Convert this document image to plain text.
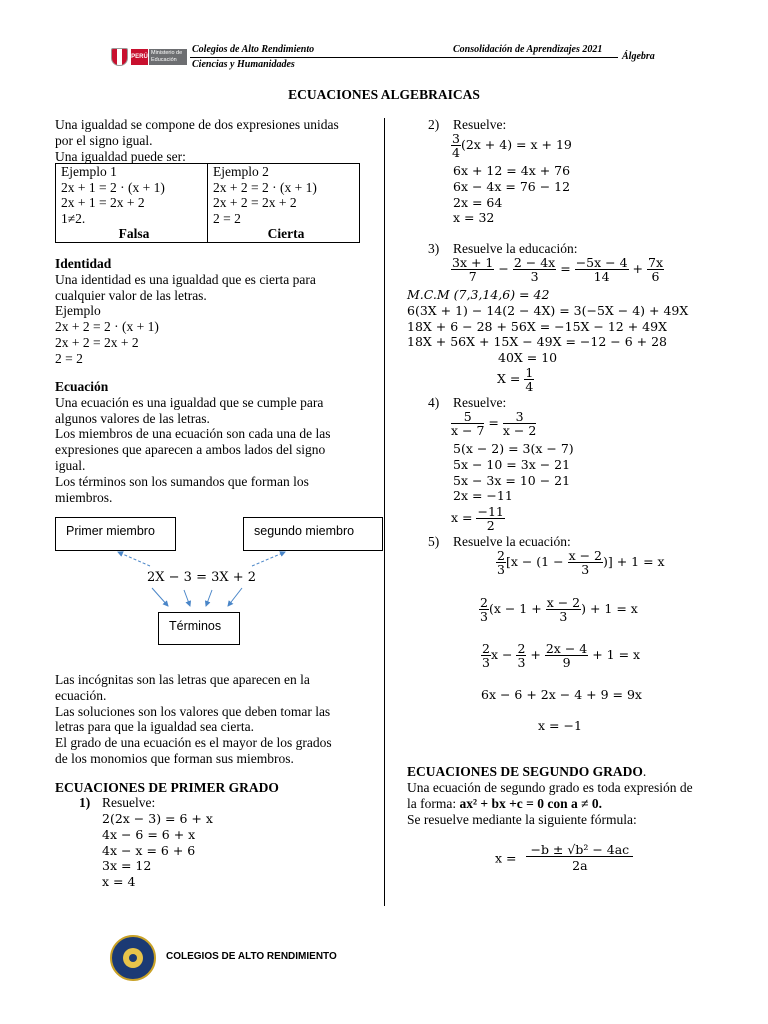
PERÚ
Ministerio de Educación
Colegios de Alto Rendimiento
Ciencias y Humanidades
Consolidación de Aprendizajes 2021
Álgebra
ECUACIONES ALGEBRAICAS
Una igualdad se compone de dos expresiones unidas
por el signo igual.
Una igualdad puede ser:
Ejemplo 1
2x + 1 = 2 · (x + 1)
2x + 1 = 2x + 2
1≠2.
Falsa

Ejemplo 2
2x + 2 = 2 · (x + 1)
2x + 2 = 2x + 2
2 = 2
Cierta
Identidad
Una identidad es una igualdad que es cierta para
cualquier valor de las letras.
Ejemplo
2x + 2 = 2 · (x + 1)
2x + 2 = 2x + 2
2 = 2
Ecuación
Una ecuación es una igualdad que se cumple para
algunos valores de las letras.
Los miembros de una ecuación son cada una de las
expresiones que aparecen a ambos lados del signo
igual.
Los términos son los sumandos que forman los
miembros.
Primer miembro	segundo miembro
2X − 3 = 3X + 2
Términos
Las incógnitas son las letras que aparecen en la
ecuación.
Las soluciones son los valores que deben tomar las
letras para que la igualdad sea cierta.
El grado de una ecuación es el mayor de los grados
de los monomios que forman sus miembros.
ECUACIONES DE PRIMER GRADO
1) Resuelve:
2(2x − 3) = 6 + x
4x − 6 = 6 + x
4x − x = 6 + 6
3x = 12
x = 4
2) Resuelve:
$\frac{3}{4} (2x + 4) = x + 19$
6x + 12 = 4x + 76
6x − 4x = 76 − 12
2x = 64
x = 32
3) Resuelve la educación:
$\frac{3x + 1}{7} - \frac{2 - 4x}{3} = \frac{-5x - 4}{14} + \frac{7x}{6}$
M.C.M (7,3,14,6) = 42
6(3X + 1) − 14(2 − 4X) = 3(−5X − 4) + 49X
18X + 6 − 28 + 56X = −15X − 12 + 49X
18X + 56X + 15X − 49X = −12 − 6 + 28
40X = 10
$X = \frac{1}{4}$
4) Resuelve:
$\frac{5}{x - 7} = \frac{3}{x - 2}$
5(x − 2) = 3(x − 7)
5x − 10 = 3x − 21
5x − 3x = 10 − 21
2x = −11
$x = \frac{-11}{2}$
5) Resuelve la ecuación:
$\frac{2}{3} [x - (1 - \frac{x - 2}{3}$ )] + 1 = x
$\frac{2}{3} (x - 1 + \frac{x - 2}{3}$ ) + 1 = x
$\frac{2}{3}$ $x - \frac{2}{3} + \frac{2x - 4}{9} + 1 = x$
6x − 6 + 2x − 4 + 9 = 9x
x = −1
ECUACIONES DE SEGUNDO GRADO.
Una ecuación de segundo grado es toda expresión de
la forma: ax² + bx +c = 0 con a ≠ 0.
Se resuelve mediante la siguiente fórmula:
$x = \frac{\text{−b ± √b² − 4ac}}{2a}$
COLEGIOS DE ALTO RENDIMIENTO
